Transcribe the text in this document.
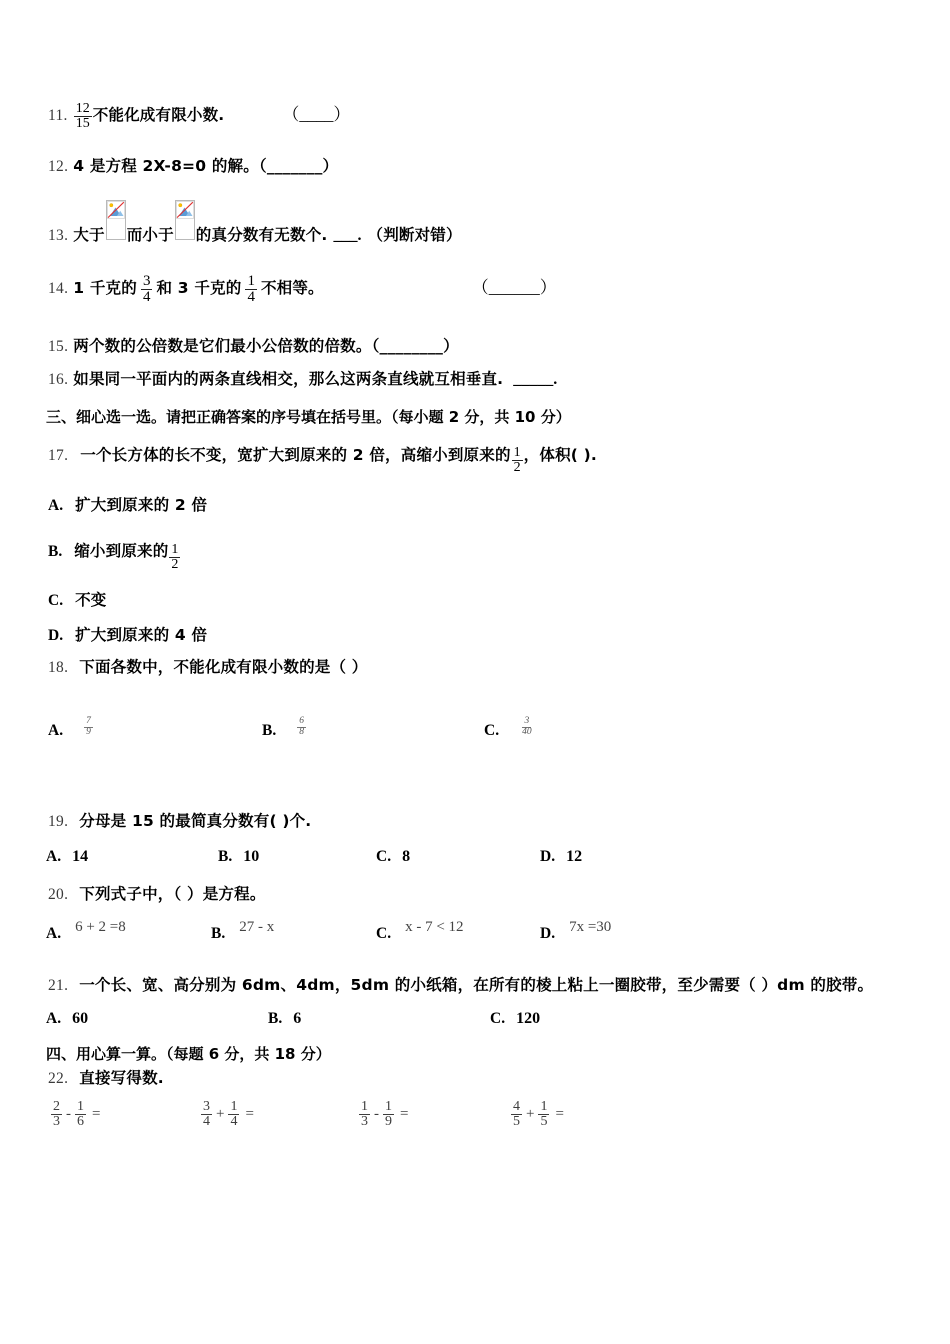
11. $\frac{12}{15}$ 不能化成有限小数.	（____）
12. 4 是方程 2X-8=0 的解。（_______）
13. 大于 而小于 的真分数有无数个. ___. （判断对错）
14. 1 千克的 $\frac{3}{4}$ 和 3 千克的 $\frac{1}{4}$ 不相等。	（______）
15. 两个数的公倍数是它们最小公倍数的倍数。（________）
16. 如果同一平面内的两条直线相交，那么这两条直线就互相垂直. _____.
三、细心选一选。请把正确答案的序号填在括号里。（每小题 2 分，共 10 分）
17. 一个长方体的长不变，宽扩大到原来的 2 倍，高缩小到原来的 $\frac{1}{2}$ ，体积( ).
A. 扩大到原来的 2 倍
B. 缩小到原来的 $\frac{1}{2}$
C. 不变
D. 扩大到原来的 4 倍
18. 下面各数中，不能化成有限小数的是（ ）
A. $\frac{7}{9}$	B. $\frac{6}{8}$	C. $\frac{3}{40}$
19. 分母是 15 的最简真分数有( )个.
A. 14	B. 10	C. 8	D. 12
20. 下列式子中，（ ）是方程。
A. 6 + 2 =8	B. 27 - x	C. x - 7 < 12	D. 7x =30
21. 一个长、宽、高分别为 6dm、4dm，5dm 的小纸箱，在所有的棱上粘上一圈胶带，至少需要（ ）dm 的胶带。
A. 60	B. 6	C. 120
四、用心算一算。（每题 6 分，共 18 分）
22. 直接写得数.
$\frac{2}{3} - \frac{1}{6}$ =	$\frac{3}{4} + \frac{1}{4}$ =	$\frac{1}{3} - \frac{1}{9}$ =	$\frac{4}{5} + \frac{1}{5}$ =
